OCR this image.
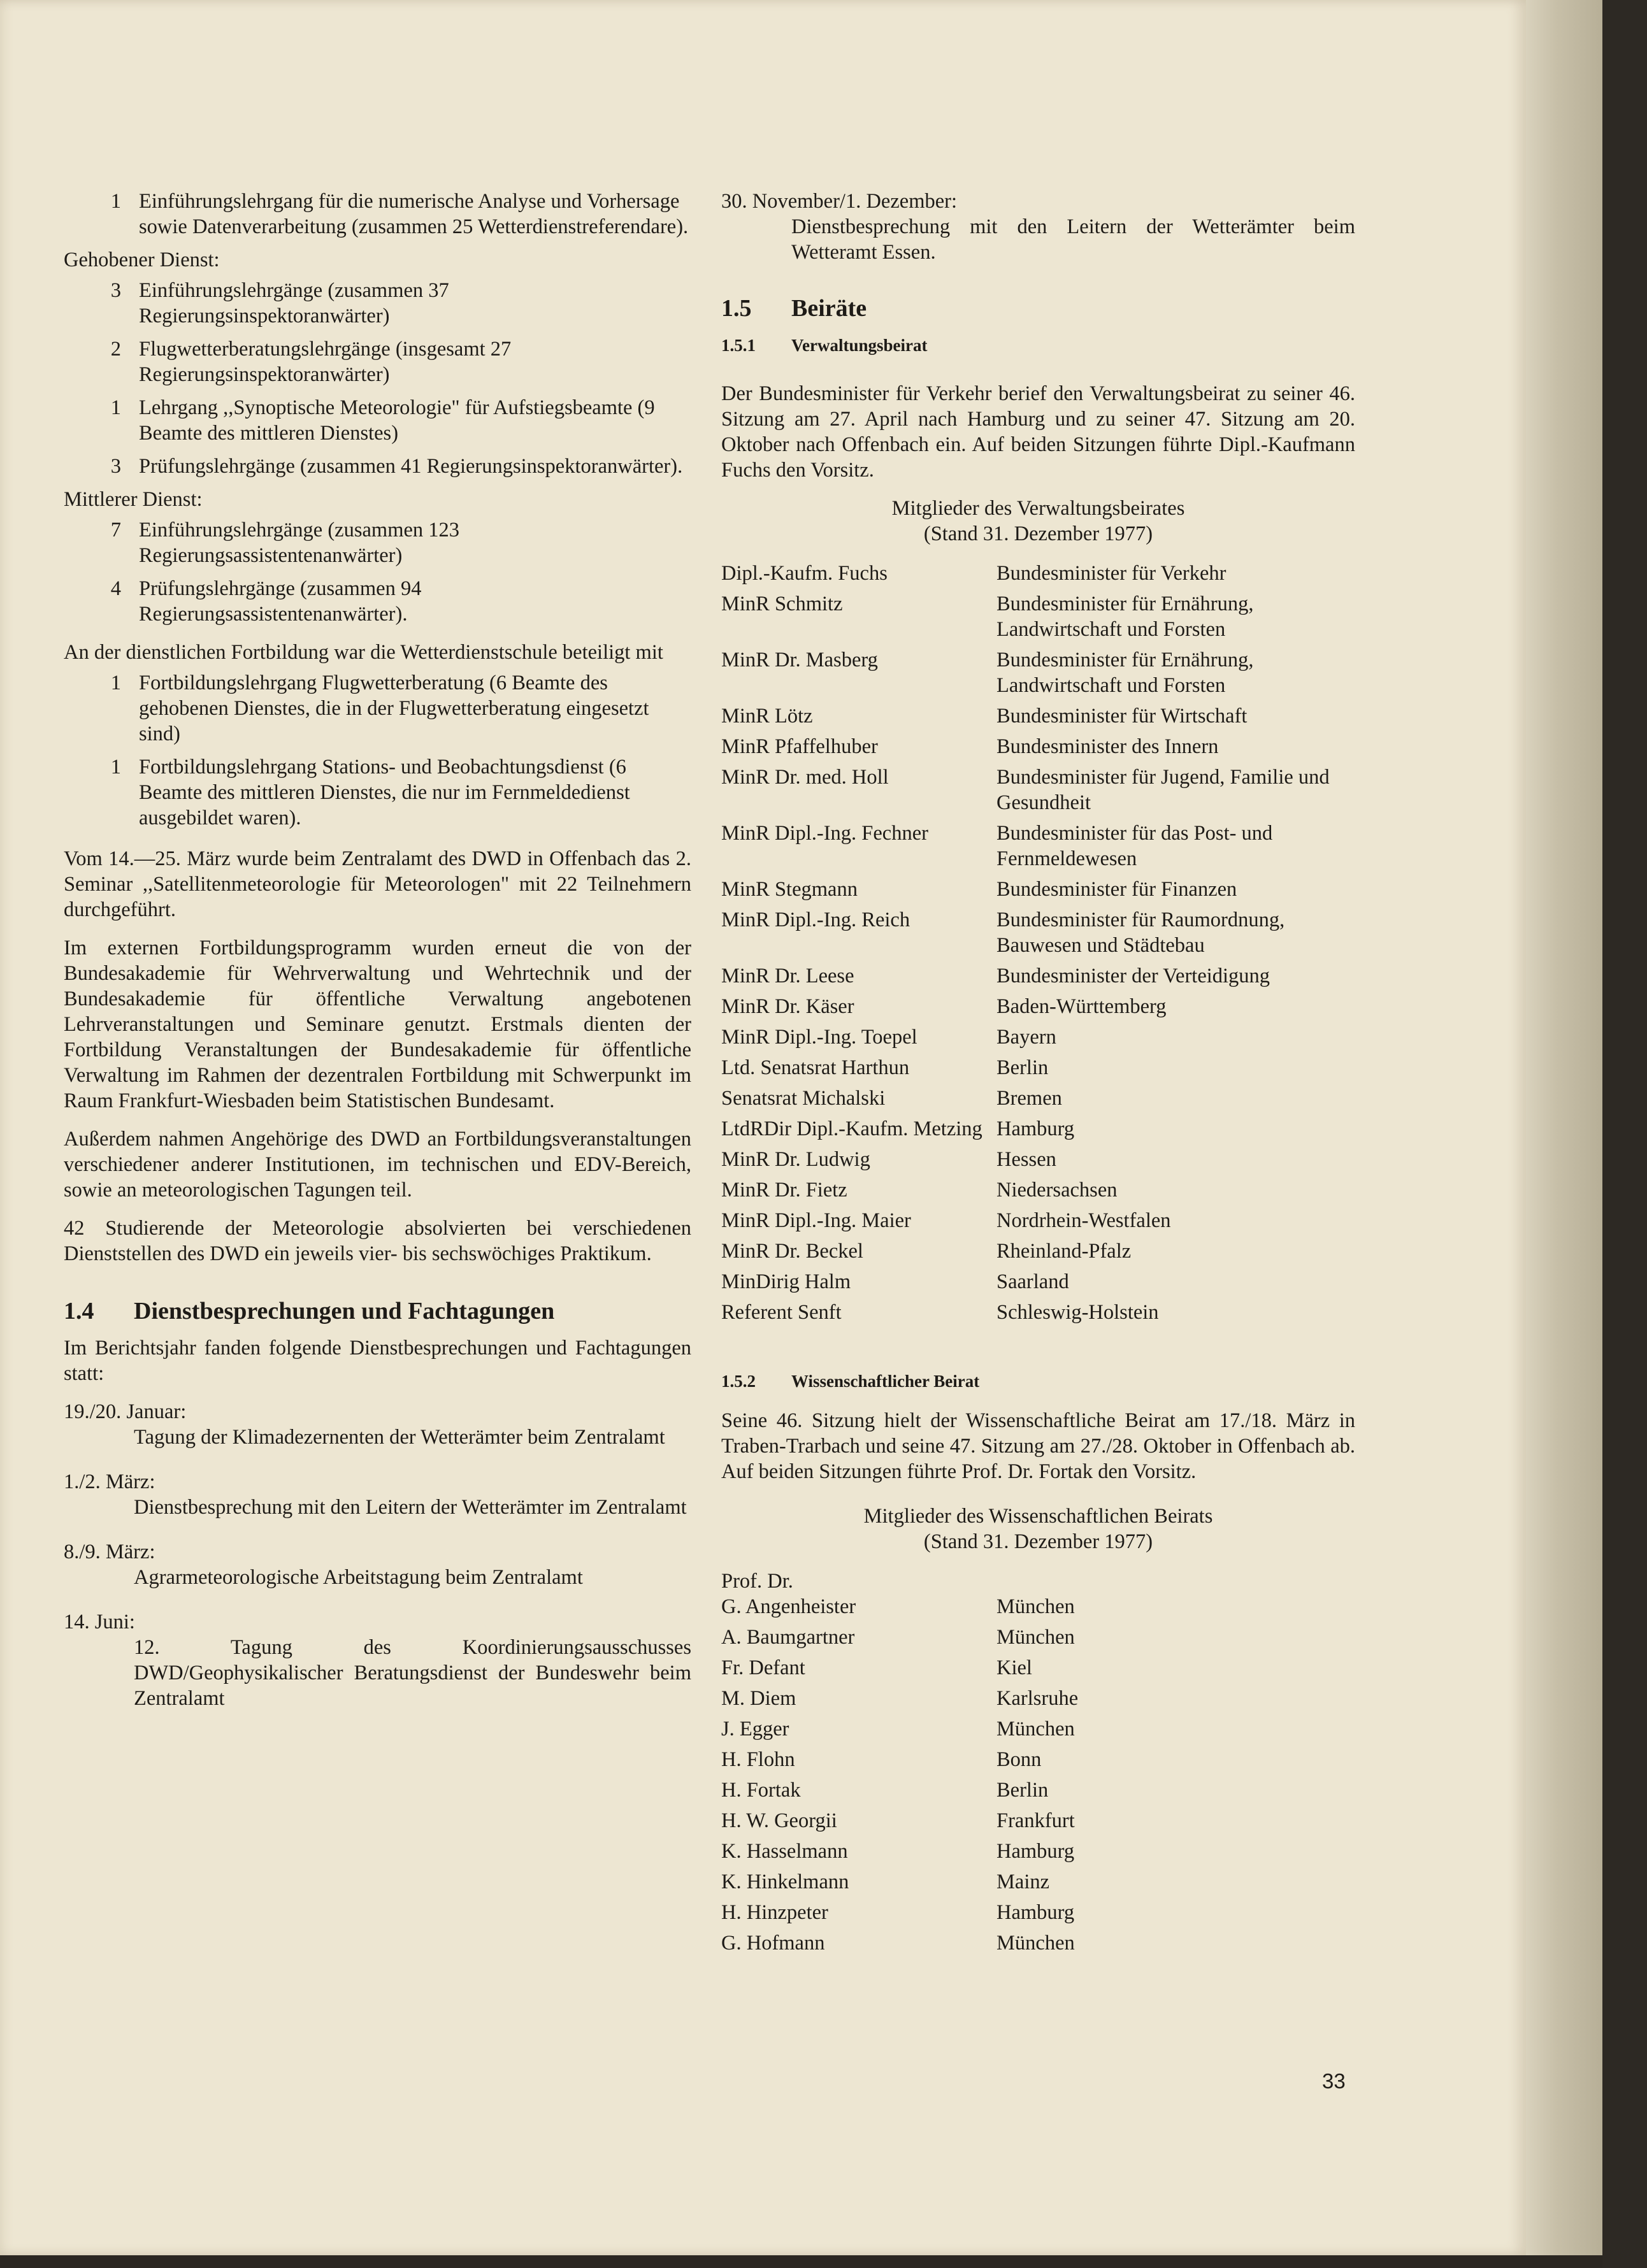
1 Einführungslehrgang für die numerische Analyse und Vorhersage sowie Datenverarbeitung (zusammen 25 Wetterdienstreferendare).
Gehobener Dienst:
3 Einführungslehrgänge (zusammen 37 Regierungsinspektoranwärter)
2 Flugwetterberatungslehrgänge (insgesamt 27 Regierungsinspektoranwärter)
1 Lehrgang ,,Synoptische Meteorologie" für Aufstiegsbeamte (9 Beamte des mittleren Dienstes)
3 Prüfungslehrgänge (zusammen 41 Regierungsinspektoranwärter).
Mittlerer Dienst:
7 Einführungslehrgänge (zusammen 123 Regierungsassistentenanwärter)
4 Prüfungslehrgänge (zusammen 94 Regierungsassistentenanwärter).

An der dienstlichen Fortbildung war die Wetterdienstschule beteiligt mit

1 Fortbildungslehrgang Flugwetterberatung (6 Beamte des gehobenen Dienstes, die in der Flugwetterberatung eingesetzt sind)
1 Fortbildungslehrgang Stations- und Beobachtungsdienst (6 Beamte des mittleren Dienstes, die nur im Fernmeldedienst ausgebildet waren).

Vom 14.—25. März wurde beim Zentralamt des DWD in Offenbach das 2. Seminar ,,Satellitenmeteorologie für Meteorologen" mit 22 Teilnehmern durchgeführt.

Im externen Fortbildungsprogramm wurden erneut die von der Bundesakademie für Wehrverwaltung und Wehrtechnik und der Bundesakademie für öffentliche Verwaltung angebotenen Lehrveranstaltungen und Seminare genutzt. Erstmals dienten der Fortbildung Veranstaltungen der Bundesakademie für öffentliche Verwaltung im Rahmen der dezentralen Fortbildung mit Schwerpunkt im Raum Frankfurt-Wiesbaden beim Statistischen Bundesamt.

Außerdem nahmen Angehörige des DWD an Fortbildungsveranstaltungen verschiedener anderer Institutionen, im technischen und EDV-Bereich, sowie an meteorologischen Tagungen teil.

42 Studierende der Meteorologie absolvierten bei verschiedenen Dienststellen des DWD ein jeweils vier- bis sechswöchiges Praktikum.

1.4	Dienstbesprechungen und Fachtagungen

Im Berichtsjahr fanden folgende Dienstbesprechungen und Fachtagungen statt:

19./20. Januar:
Tagung der Klimadezernenten der Wetterämter beim Zentralamt
1./2. März:
Dienstbesprechung mit den Leitern der Wetterämter im Zentralamt
8./9. März:
Agrarmeteorologische Arbeitstagung beim Zentralamt
14. Juni:
12. Tagung des Koordinierungsausschusses DWD/Geophysikalischer Beratungsdienst der Bundeswehr beim Zentralamt
30. November/1. Dezember:
Dienstbesprechung mit den Leitern der Wetterämter beim Wetteramt Essen.
1.5	Beiräte
1.5.1	Verwaltungsbeirat

Der Bundesminister für Verkehr berief den Verwaltungsbeirat zu seiner 46. Sitzung am 27. April nach Hamburg und zu seiner 47. Sitzung am 20. Oktober nach Offenbach ein. Auf beiden Sitzungen führte Dipl.-Kaufmann Fuchs den Vorsitz.

Mitglieder des Verwaltungsbeirates
(Stand 31. Dezember 1977)
Dipl.-Kaufm. Fuchs	Bundesminister für Verkehr
MinR Schmitz	Bundesminister für Ernährung, Landwirtschaft und Forsten
MinR Dr. Masberg	Bundesminister für Ernährung, Landwirtschaft und Forsten
MinR Lötz	Bundesminister für Wirtschaft
MinR Pfaffelhuber	Bundesminister des Innern
MinR Dr. med. Holl	Bundesminister für Jugend, Familie und Gesundheit
MinR Dipl.-Ing. Fechner	Bundesminister für das Post- und Fernmeldewesen
MinR Stegmann	Bundesminister für Finanzen
MinR Dipl.-Ing. Reich	Bundesminister für Raumordnung, Bauwesen und Städtebau
MinR Dr. Leese	Bundesminister der Verteidigung
MinR Dr. Käser	Baden-Württemberg
MinR Dipl.-Ing. Toepel	Bayern
Ltd. Senatsrat Harthun	Berlin
Senatsrat Michalski	Bremen
LtdRDir Dipl.-Kaufm. Metzing	Hamburg
MinR Dr. Ludwig	Hessen
MinR Dr. Fietz	Niedersachsen
MinR Dipl.-Ing. Maier	Nordrhein-Westfalen
MinR Dr. Beckel	Rheinland-Pfalz
MinDirig Halm	Saarland
Referent Senft	Schleswig-Holstein
1.5.2	Wissenschaftlicher Beirat

Seine 46. Sitzung hielt der Wissenschaftliche Beirat am 17./18. März in Traben-Trarbach und seine 47. Sitzung am 27./28. Oktober in Offenbach ab. Auf beiden Sitzungen führte Prof. Dr. Fortak den Vorsitz.

Mitglieder des Wissenschaftlichen Beirats
(Stand 31. Dezember 1977)
Prof. Dr.
G. Angenheister	München
A. Baumgartner	München
Fr. Defant	Kiel
M. Diem	Karlsruhe
J. Egger	München
H. Flohn	Bonn
H. Fortak	Berlin
H. W. Georgii	Frankfurt
K. Hasselmann	Hamburg
K. Hinkelmann	Mainz
H. Hinzpeter	Hamburg
G. Hofmann	München
33
